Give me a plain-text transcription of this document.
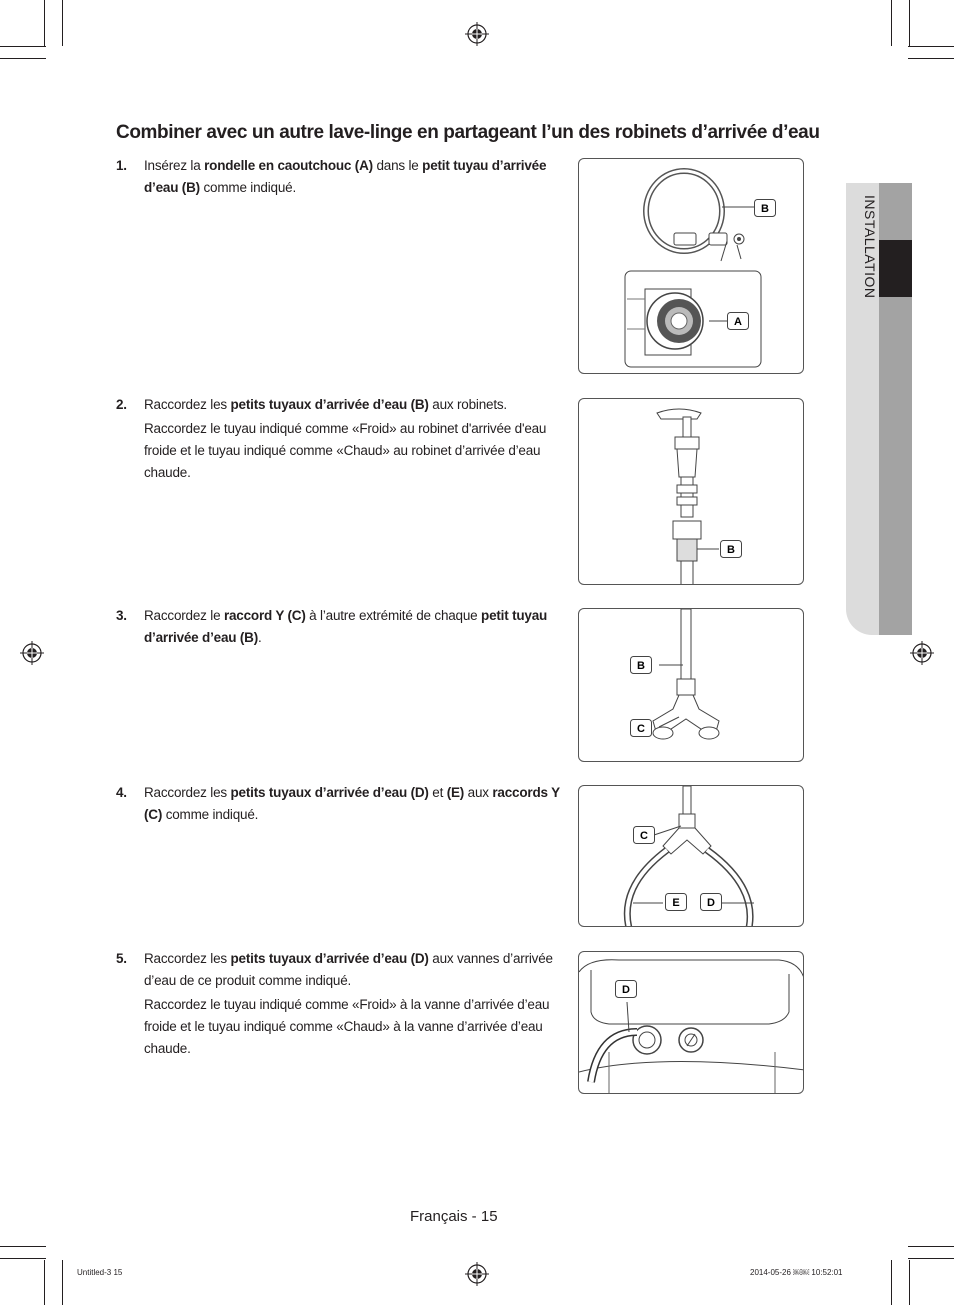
INSTALLATION
Combiner avec un autre lave-linge en partageant l’un des robinets d’arrivée d’eau
1. Insérez la rondelle en caoutchouc (A) dans le petit tuyau d’arrivée d’eau (B) comme indiqué.

2. Raccordez les petits tuyaux d’arrivée d’eau (B) aux robinets.

Raccordez le tuyau indiqué comme «Froid» au robinet d'arrivée d'eau froide et le tuyau indiqué comme «Chaud» au robinet d’arrivée d’eau chaude.

3. Raccordez le raccord Y (C) à l’autre extrémité de chaque petit tuyau d’arrivée d’eau (B).

4. Raccordez les petits tuyaux d’arrivée d’eau (D) et (E) aux raccords Y (C) comme indiqué.

5. Raccordez les petits tuyaux d’arrivée d’eau (D) aux vannes d’arrivée d’eau de ce produit comme indiqué.

Raccordez le tuyau indiqué comme «Froid» à la vanne d’arrivée d’eau froide et le tuyau indiqué comme «Chaud» à la vanne d’arrivée d’eau chaude.

B
A
B
B
C
C
E D
D
Français - 15
Untitled-3 15	2014-05-26 ￼￼ 10:52:01
